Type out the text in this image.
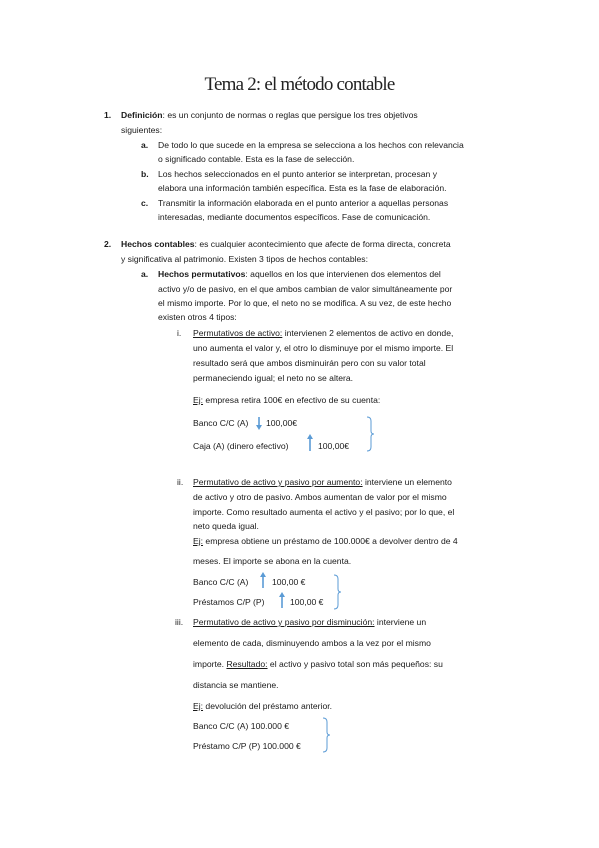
Tema 2: el método contable
1. Definición: es un conjunto de normas o reglas que persigue los tres objetivos
siguientes:
a. De todo lo que sucede en la empresa se selecciona a los hechos con relevancia
o significado contable. Esta es la fase de selección.
b. Los hechos seleccionados en el punto anterior se interpretan, procesan y
elabora una información también específica. Esta es la fase de elaboración.
c. Transmitir la información elaborada en el punto anterior a aquellas personas
interesadas, mediante documentos específicos. Fase de comunicación.
2. Hechos contables: es cualquier acontecimiento que afecte de forma directa, concreta
y significativa al patrimonio. Existen 3 tipos de hechos contables:
a. Hechos permutativos: aquellos en los que intervienen dos elementos del
activo y/o de pasivo, en el que ambos cambian de valor simultáneamente por
el mismo importe. Por lo que, el neto no se modifica. A su vez, de este hecho
existen otros 4 tipos:
i. Permutativos de activo: intervienen 2 elementos de activo en donde,
uno aumenta el valor y, el otro lo disminuye por el mismo importe. El
resultado será que ambos disminuirán pero con su valor total
permaneciendo igual; el neto no se altera.
Ej: empresa retira 100€ en efectivo de su cuenta:
Banco C/C (A) 100,00€
Caja (A) (dinero efectivo)	100,00€
ii. Permutativo de activo y pasivo por aumento: interviene un elemento
de activo y otro de pasivo. Ambos aumentan de valor por el mismo
importe. Como resultado aumenta el activo y el pasivo; por lo que, el
neto queda igual.
Ej: empresa obtiene un préstamo de 100.000€ a devolver dentro de 4
meses. El importe se abona en la cuenta.
Banco C/C (A)	100,00 €
Préstamos C/P (P)	100,00 €
iii. Permutativo de activo y pasivo por disminución: interviene un
elemento de cada, disminuyendo ambos a la vez por el mismo
importe. Resultado: el activo y pasivo total son más pequeños: su
distancia se mantiene.
Ej: devolución del préstamo anterior.
Banco C/C (A) 100.000 €
Préstamo C/P (P) 100.000 €
